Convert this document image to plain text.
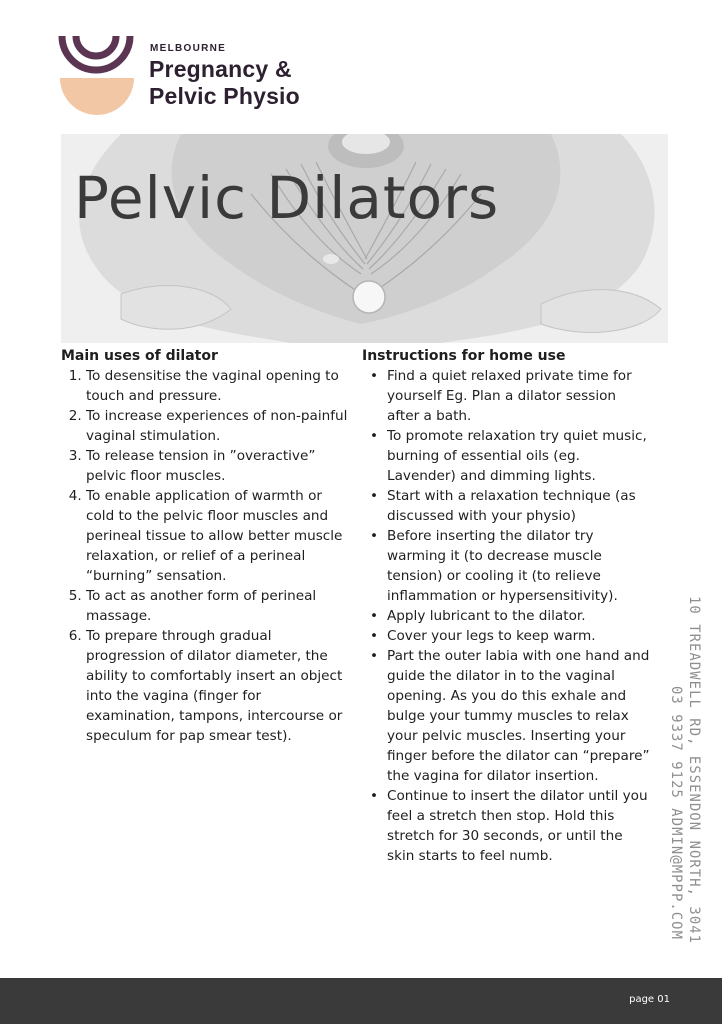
MELBOURNE
Pregnancy &
Pelvic Physio
Pelvic Dilators
Main uses of dilator
1. To desensitise the vaginal opening to touch and pressure.
2. To increase experiences of non-painful vaginal stimulation.
3. To release tension in ”overactive” pelvic floor muscles.
4. To enable application of warmth or cold to the pelvic floor muscles and perineal tissue to allow better muscle relaxation, or relief of a perineal “burning” sensation.
5. To act as another form of perineal massage.
6. To prepare through gradual progression of dilator diameter, the ability to comfortably insert an object into the vagina (finger for examination, tampons, intercourse or speculum for pap smear test).
Instructions for home use
• Find a quiet relaxed private time for yourself Eg. Plan a dilator session after a bath.
• To promote relaxation try quiet music, burning of essential oils (eg. Lavender) and dimming lights.
• Start with a relaxation technique (as discussed with your physio)
• Before inserting the dilator try warming it (to decrease muscle tension) or cooling it (to relieve inflammation or hypersensitivity).
• Apply lubricant to the dilator.
• Cover your legs to keep warm.
• Part the outer labia with one hand and guide the dilator in to the vaginal opening. As you do this exhale and bulge your tummy muscles to relax your pelvic muscles. Inserting your finger before the dilator can “prepare” the vagina for dilator insertion.
• Continue to insert the dilator until you feel a stretch then stop. Hold this stretch for 30 seconds, or until the skin starts to feel numb.	10 TREADWELL RD, ESSENDON NORTH, 3041
03 9337 9125 ADMIN@MPPP.COM
page 01
